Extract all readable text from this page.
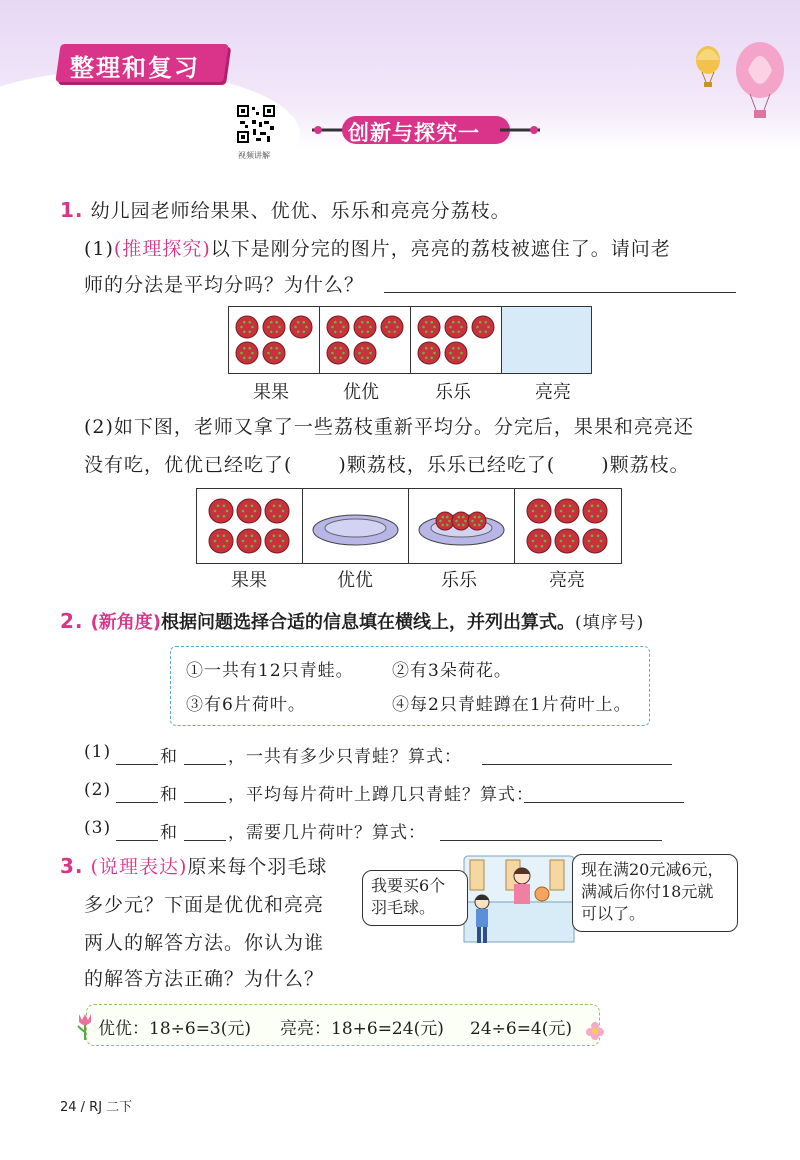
整理和复习
视频讲解
创新与探究一
1. 幼儿园老师给果果、优优、乐乐和亮亮分荔枝。
(1)(推理探究)以下是刚分完的图片，亮亮的荔枝被遮住了。请问老
师的分法是平均分吗？为什么？
果果	优优	乐乐	亮亮
(2)如下图，老师又拿了一些荔枝重新平均分。分完后，果果和亮亮还
没有吃，优优已经吃了( )颗荔枝，乐乐已经吃了( )颗荔枝。
果果	优优	乐乐	亮亮
2. (新角度)根据问题选择合适的信息填在横线上，并列出算式。(填序号)
①一共有12只青蛙。 ②有3朵荷花。
③有6片荷叶。	④每2只青蛙蹲在1片荷叶上。
(1)	和	，一共有多少只青蛙？算式：
(2)	和	，平均每片荷叶上蹲几只青蛙？算式：
(3)	和	，需要几片荷叶？算式：
3. (说理表达)原来每个羽毛球
多少元？下面是优优和亮亮
两人的解答方法。你认为谁
的解答方法正确？为什么？
我要买6个
羽毛球。
现在满20元减6元，
满减后你付18元就
可以了。
优优：18÷6=3(元) 亮亮：18+6=24(元) 24÷6=4(元)
24 / RJ 二下
